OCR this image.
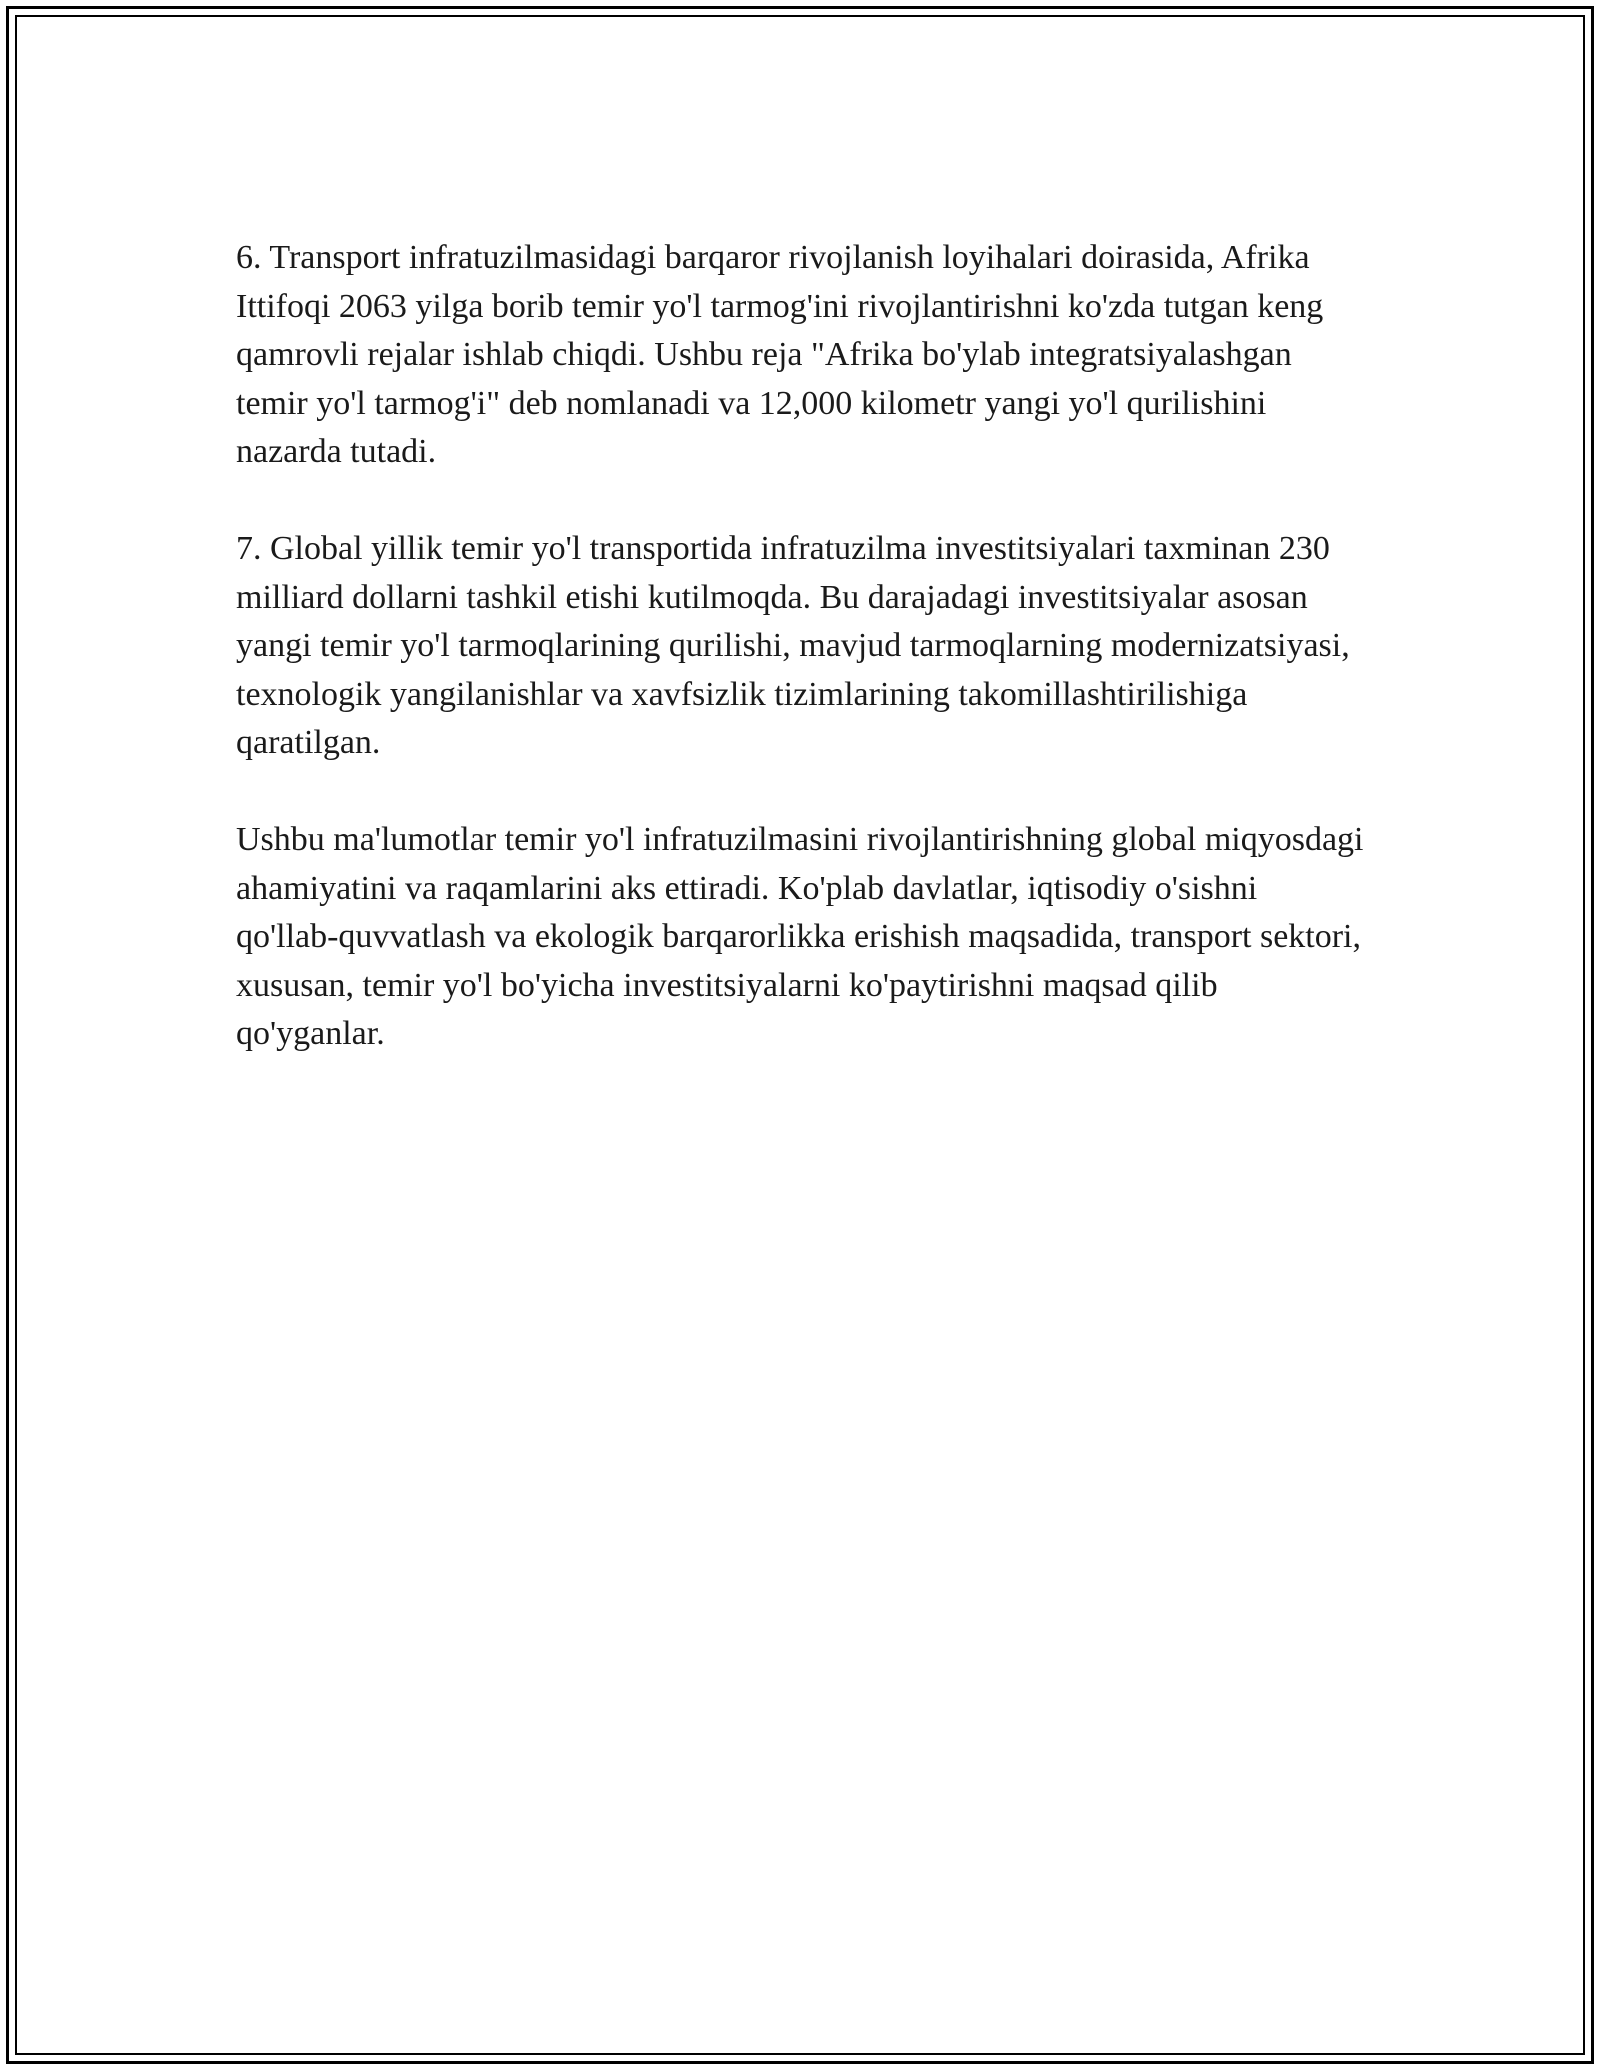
6. Transport infratuzilmasidagi barqaror rivojlanish loyihalari doirasida, Afrika Ittifoqi 2063 yilga borib temir yo'l tarmog'ini rivojlantirishni ko'zda tutgan keng qamrovli rejalar ishlab chiqdi. Ushbu reja "Afrika bo'ylab integratsiyalashgan temir yo'l tarmog'i" deb nomlanadi va 12,000 kilometr yangi yo'l qurilishini nazarda tutadi.

7. Global yillik temir yo'l transportida infratuzilma investitsiyalari taxminan 230 milliard dollarni tashkil etishi kutilmoqda. Bu darajadagi investitsiyalar asosan yangi temir yo'l tarmoqlarining qurilishi, mavjud tarmoqlarning modernizatsiyasi, texnologik yangilanishlar va xavfsizlik tizimlarining takomillashtirilishiga qaratilgan.

Ushbu ma'lumotlar temir yo'l infratuzilmasini rivojlantirishning global miqyosdagi ahamiyatini va raqamlarini aks ettiradi. Ko'plab davlatlar, iqtisodiy o'sishni qo'llab-quvvatlash va ekologik barqarorlikka erishish maqsadida, transport sektori, xususan, temir yo'l bo'yicha investitsiyalarni ko'paytirishni maqsad qilib qo'yganlar.
